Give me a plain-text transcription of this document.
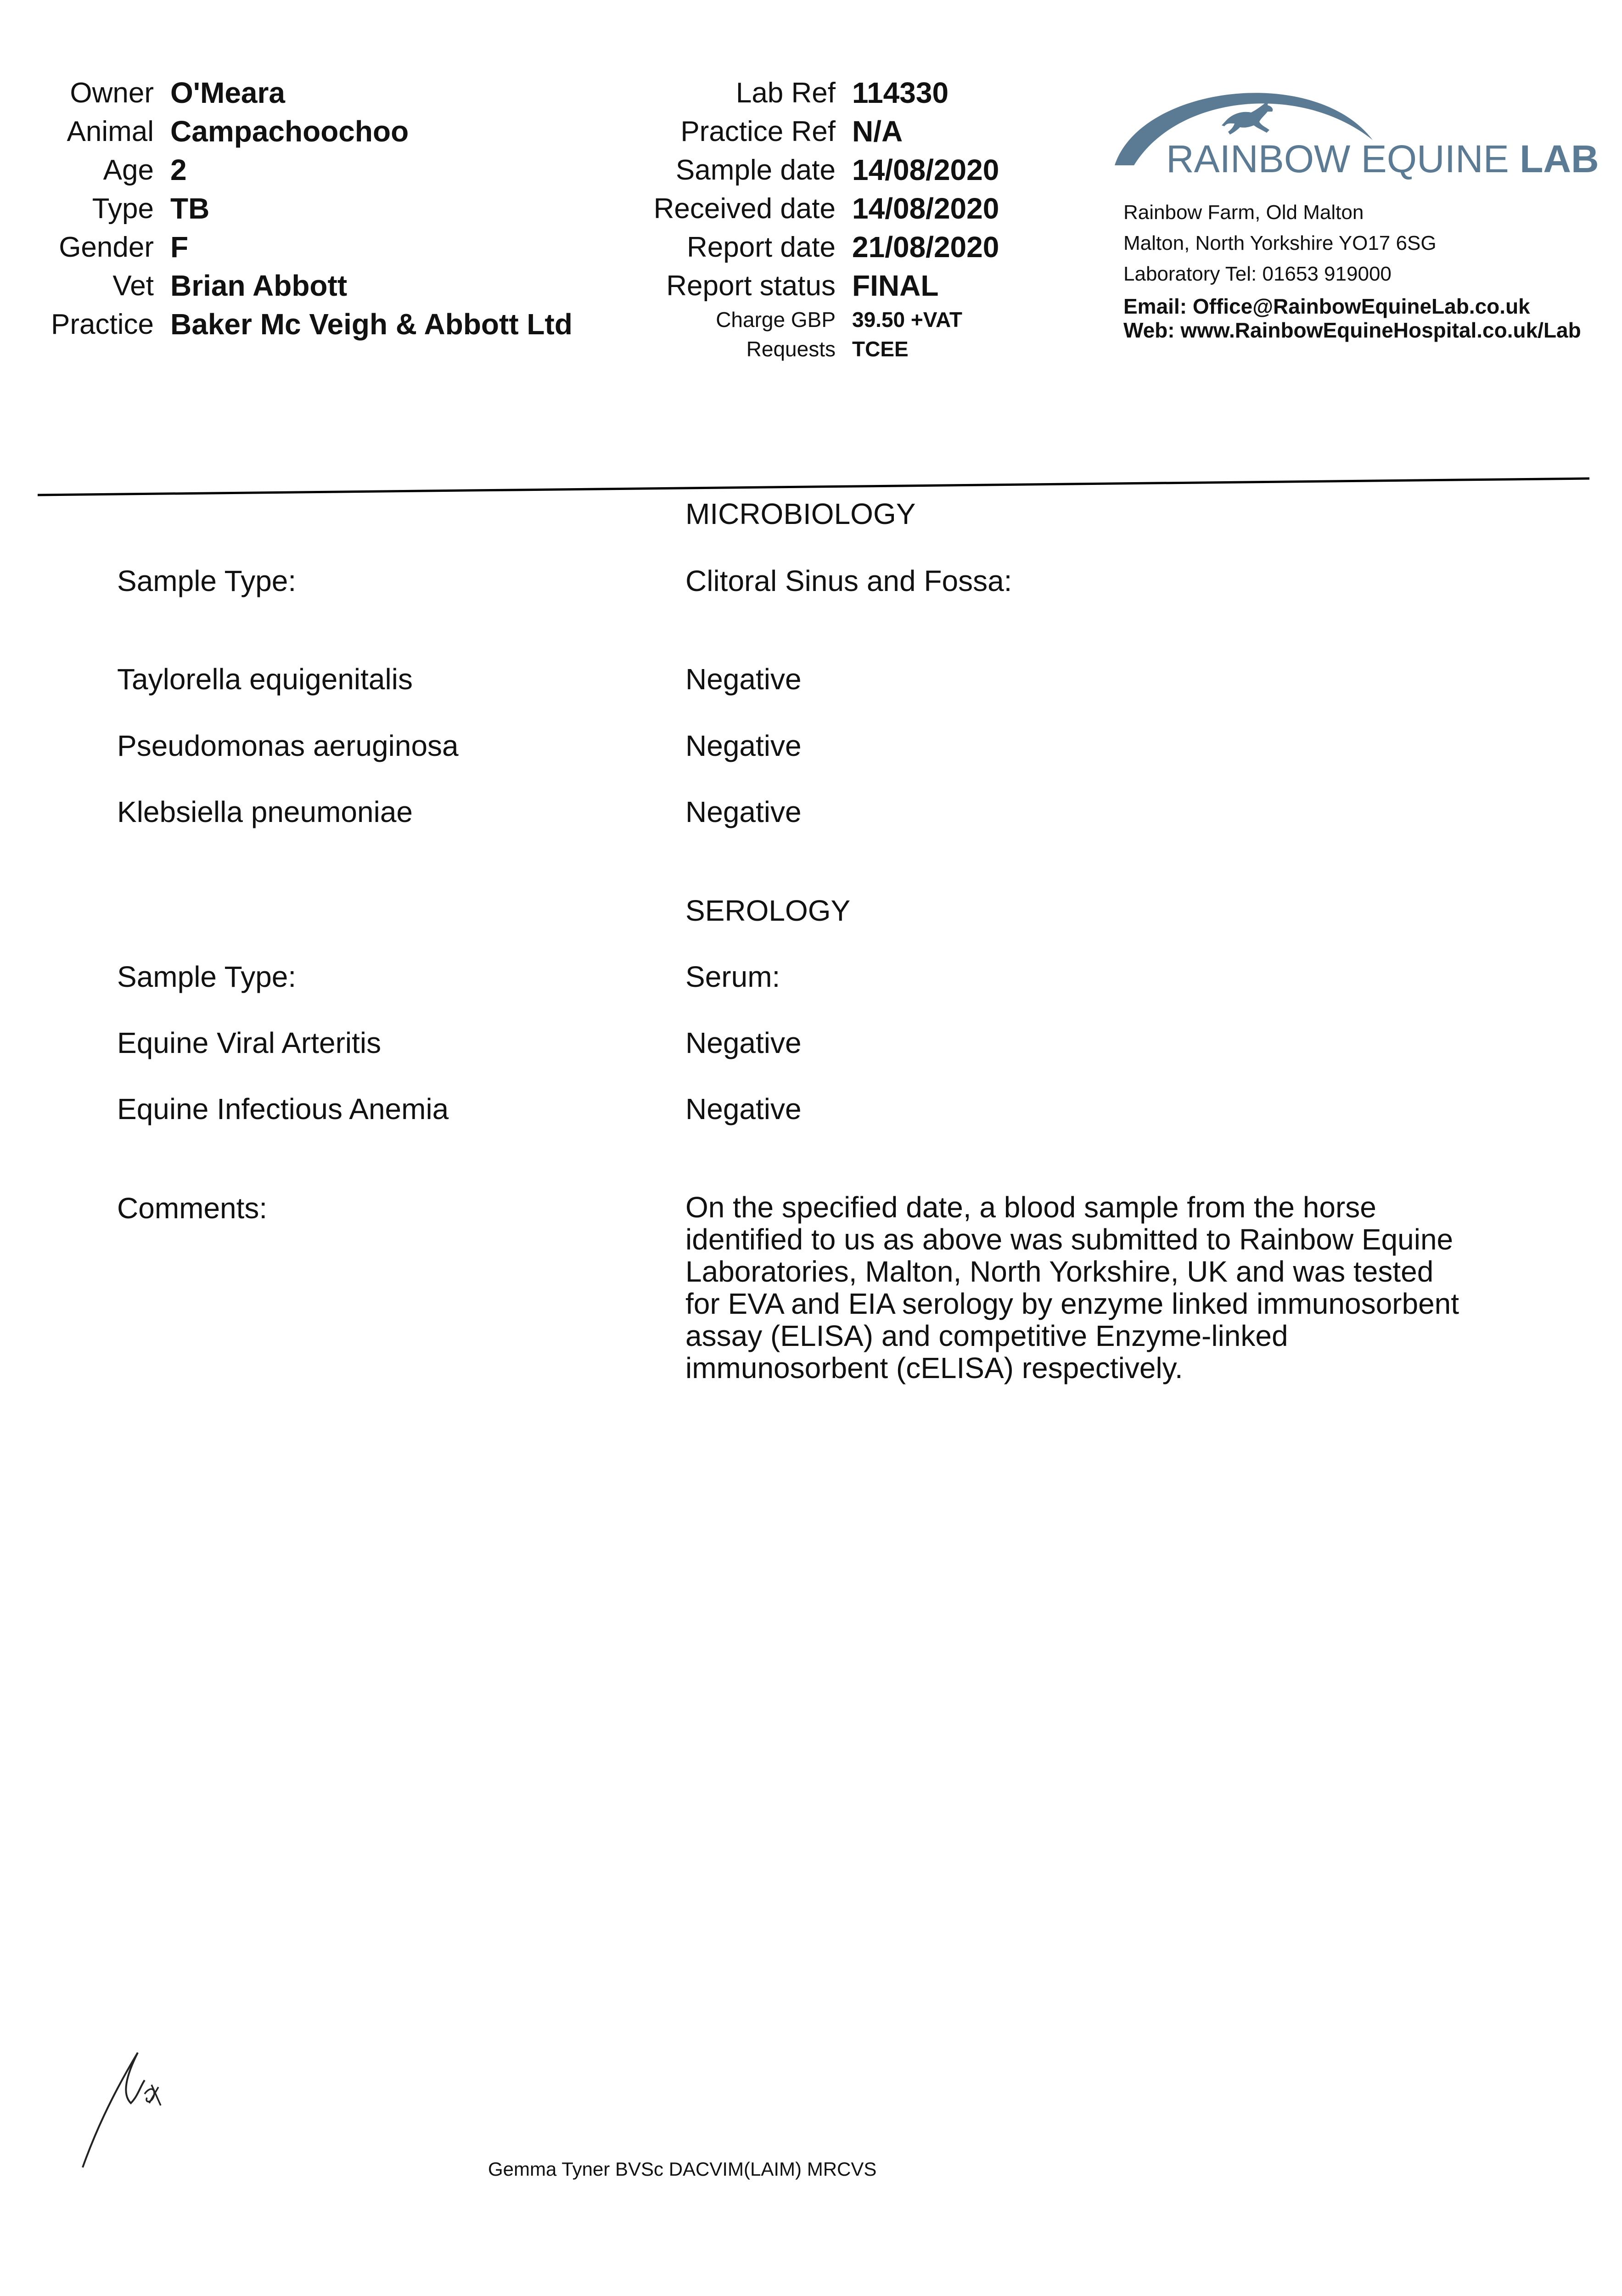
Owner O'Meara
Animal Campachoochoo
Age 2
Type TB
Gender F
Vet Brian Abbott
Practice Baker Mc Veigh & Abbott Ltd
Lab Ref 114330
Practice Ref N/A
Sample date 14/08/2020
Received date 14/08/2020
Report date 21/08/2020
Report status FINAL
Charge GBP 39.50 +VAT
Requests TCEE
RAINBOW EQUINE LAB
Rainbow Farm, Old Malton
Malton, North Yorkshire YO17 6SG
Laboratory Tel: 01653 919000
Email: Office@RainbowEquineLab.co.uk
Web: www.RainbowEquineHospital.co.uk/Lab
MICROBIOLOGY
Sample Type:	Clitoral Sinus and Fossa:
Taylorella equigenitalis	Negative
Pseudomonas aeruginosa	Negative
Klebsiella pneumoniae	Negative
SEROLOGY
Sample Type:	Serum:
Equine Viral Arteritis	Negative
Equine Infectious Anemia	Negative
Comments:	On the specified date, a blood sample from the horse identified to us as above was submitted to Rainbow Equine Laboratories, Malton, North Yorkshire, UK and was tested for EVA and EIA serology by enzyme linked immunosorbent assay (ELISA) and competitive Enzyme-linked immunosorbent (cELISA) respectively.

Gemma Tyner BVSc DACVIM(LAIM) MRCVS
